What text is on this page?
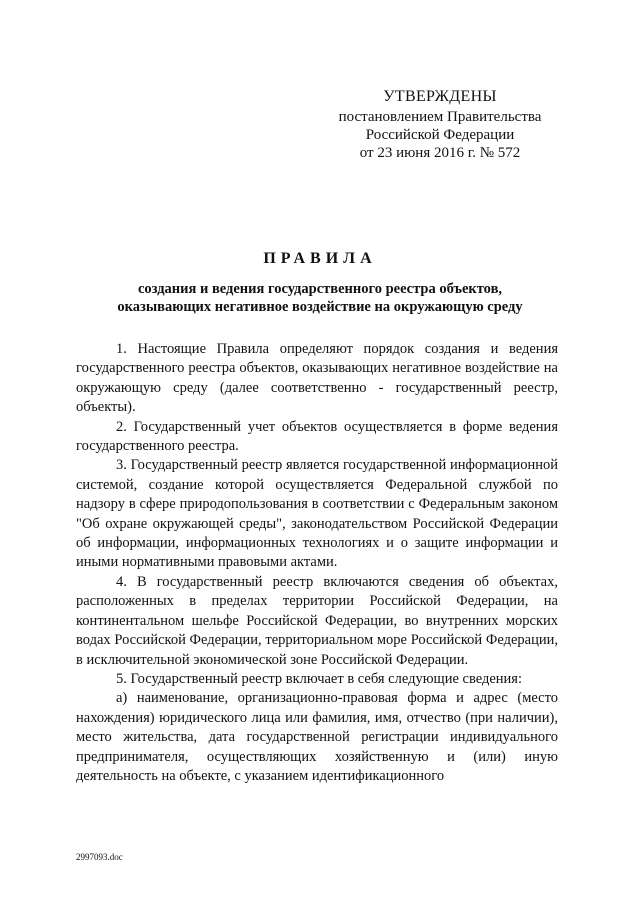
УТВЕРЖДЕНЫ
постановлением Правительства
Российской Федерации
от 23 июня 2016 г. № 572
ПРАВИЛА
создания и ведения государственного реестра объектов,
оказывающих негативное воздействие на окружающую среду

1. Настоящие Правила определяют порядок создания и ведения государственного реестра объектов, оказывающих негативное воздействие на окружающую среду (далее соответственно - государственный реестр, объекты).

2. Государственный учет объектов осуществляется в форме ведения государственного реестра.

3. Государственный реестр является государственной информационной системой, создание которой осуществляется Федеральной службой по надзору в сфере природопользования в соответствии с Федеральным законом "Об охране окружающей среды", законодательством Российской Федерации об информации, информационных технологиях и о защите информации и иными нормативными правовыми актами.

4. В государственный реестр включаются сведения об объектах, расположенных в пределах территории Российской Федерации, на континентальном шельфе Российской Федерации, во внутренних морских водах Российской Федерации, территориальном море Российской Федерации, в исключительной экономической зоне Российской Федерации.

5. Государственный реестр включает в себя следующие сведения:

а) наименование, организационно-правовая форма и адрес (место нахождения) юридического лица или фамилия, имя, отчество (при наличии), место жительства, дата государственной регистрации индивидуального предпринимателя, осуществляющих хозяйственную и (или) иную деятельность на объекте, с указанием идентификационного

2997093.doc
